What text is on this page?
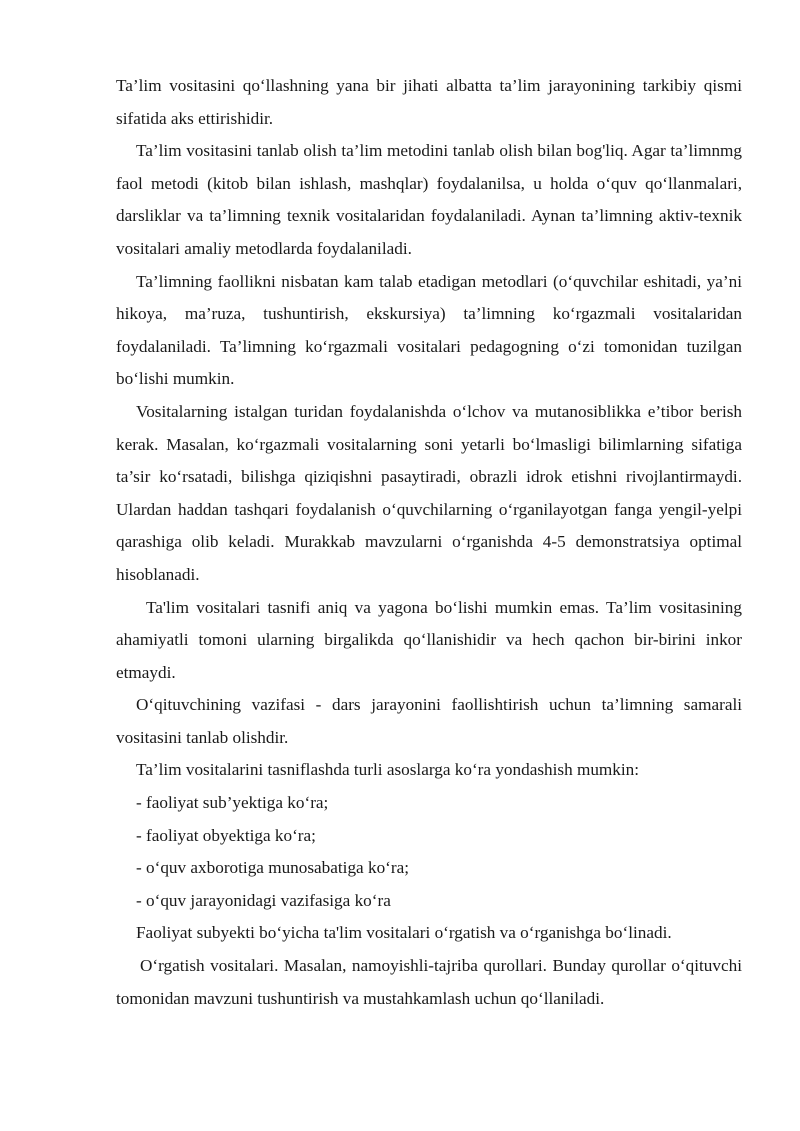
Ta’lim vositasini qo‘llashning yana bir jihati albatta ta’lim jarayonining tarkibiy qismi sifatida aks ettirishidir.

Ta’lim vositasini tanlab olish ta’lim metodini tanlab olish bilan bog'liq. Agar ta’limnmg faol metodi (kitob bilan ishlash, mashqlar) foydalanilsa, u holda o‘quv qo‘llanmalari, darsliklar va ta’limning texnik vositalaridan foydalaniladi. Aynan ta’limning aktiv-texnik vositalari amaliy metodlarda foydalaniladi.

Ta’limning faollikni nisbatan kam talab etadigan metodlari (o‘quvchilar eshitadi, ya’ni hikoya, ma’ruza, tushuntirish, ekskursiya) ta’limning ko‘rgazmali vositalaridan foydalaniladi. Ta’limning ko‘rgazmali vositalari pedagogning o‘zi tomonidan tuzilgan bo‘lishi mumkin.

Vositalarning istalgan turidan foydalanishda o‘lchov va mutanosiblikka e’tibor berish kerak. Masalan, ko‘rgazmali vositalarning soni yetarli bo‘lmasligi bilimlarning sifatiga ta’sir ko‘rsatadi, bilishga qiziqishni pasaytiradi, obrazli idrok etishni rivojlantirmaydi. Ulardan haddan tashqari foydalanish o‘quvchilarning o‘rganilayotgan fanga yengil-yelpi qarashiga olib keladi. Murakkab mavzularni o‘rganishda 4-5 demonstratsiya optimal hisoblanadi.

Ta'lim vositalari tasnifi aniq va yagona bo‘lishi mumkin emas. Ta’lim vositasining ahamiyatli tomoni ularning birgalikda qo‘llanishidir va hech qachon bir-birini inkor etmaydi.

O‘qituvchining vazifasi - dars jarayonini faollishtirish uchun ta’limning samarali vositasini tanlab olishdir.

Ta’lim vositalarini tasniflashda turli asoslarga ko‘ra yondashish mumkin:

- faoliyat sub’yektiga ko‘ra;

- faoliyat obyektiga ko‘ra;

- o‘quv axborotiga munosabatiga ko‘ra;

- o‘quv jarayonidagi vazifasiga ko‘ra

Faoliyat subyekti bo‘yicha ta'lim vositalari o‘rgatish va o‘rganishga bo‘linadi.

O‘rgatish vositalari. Masalan, namoyishli-tajriba qurollari. Bunday qurollar o‘qituvchi tomonidan mavzuni tushuntirish va mustahkamlash uchun qo‘llaniladi.
